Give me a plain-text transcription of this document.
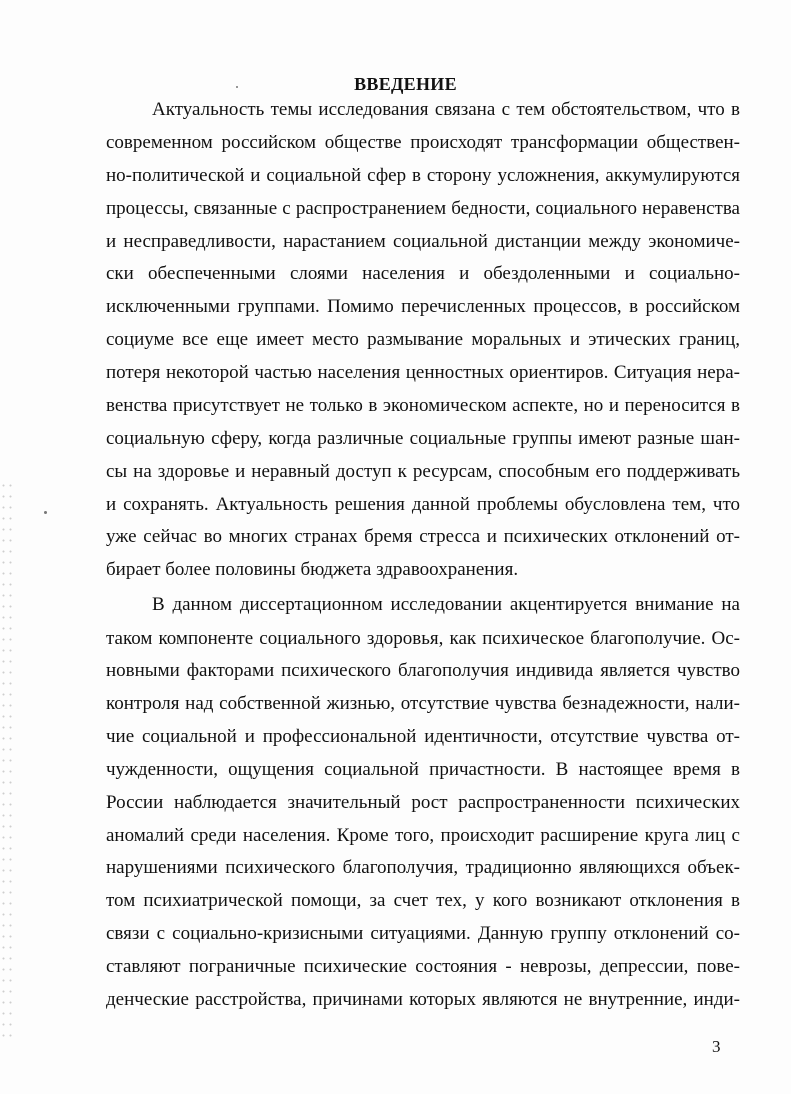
ВВЕДЕНИЕ
Актуальность темы исследования связана с тем обстоятельством, что в
современном российском обществе происходят трансформации обществен-
но-политической и социальной сфер в сторону усложнения, аккумулируются
процессы, связанные с распространением бедности, социального неравенства
и несправедливости, нарастанием социальной дистанции между экономиче-
ски обеспеченными слоями населения и обездоленными и социально-
исключенными группами. Помимо перечисленных процессов, в российском
социуме все еще имеет место размывание моральных и этических границ,
потеря некоторой частью населения ценностных ориентиров. Ситуация нера-
венства присутствует не только в экономическом аспекте, но и переносится в
социальную сферу, когда различные социальные группы имеют разные шан-
сы на здоровье и неравный доступ к ресурсам, способным его поддерживать
и сохранять. Актуальность решения данной проблемы обусловлена тем, что
уже сейчас во многих странах бремя стресса и психических отклонений от-
бирает более половины бюджета здравоохранения.
В данном диссертационном исследовании акцентируется внимание на
таком компоненте социального здоровья, как психическое благополучие. Ос-
новными факторами психического благополучия индивида является чувство
контроля над собственной жизнью, отсутствие чувства безнадежности, нали-
чие социальной и профессиональной идентичности, отсутствие чувства от-
чужденности, ощущения социальной причастности. В настоящее время в
России наблюдается значительный рост распространенности психических
аномалий среди населения. Кроме того, происходит расширение круга лиц с
нарушениями психического благополучия, традиционно являющихся объек-
том психиатрической помощи, за счет тех, у кого возникают отклонения в
связи с социально-кризисными ситуациями. Данную группу отклонений со-
ставляют пограничные психические состояния - неврозы, депрессии, пове-
денческие расстройства, причинами которых являются не внутренние, инди-
3
